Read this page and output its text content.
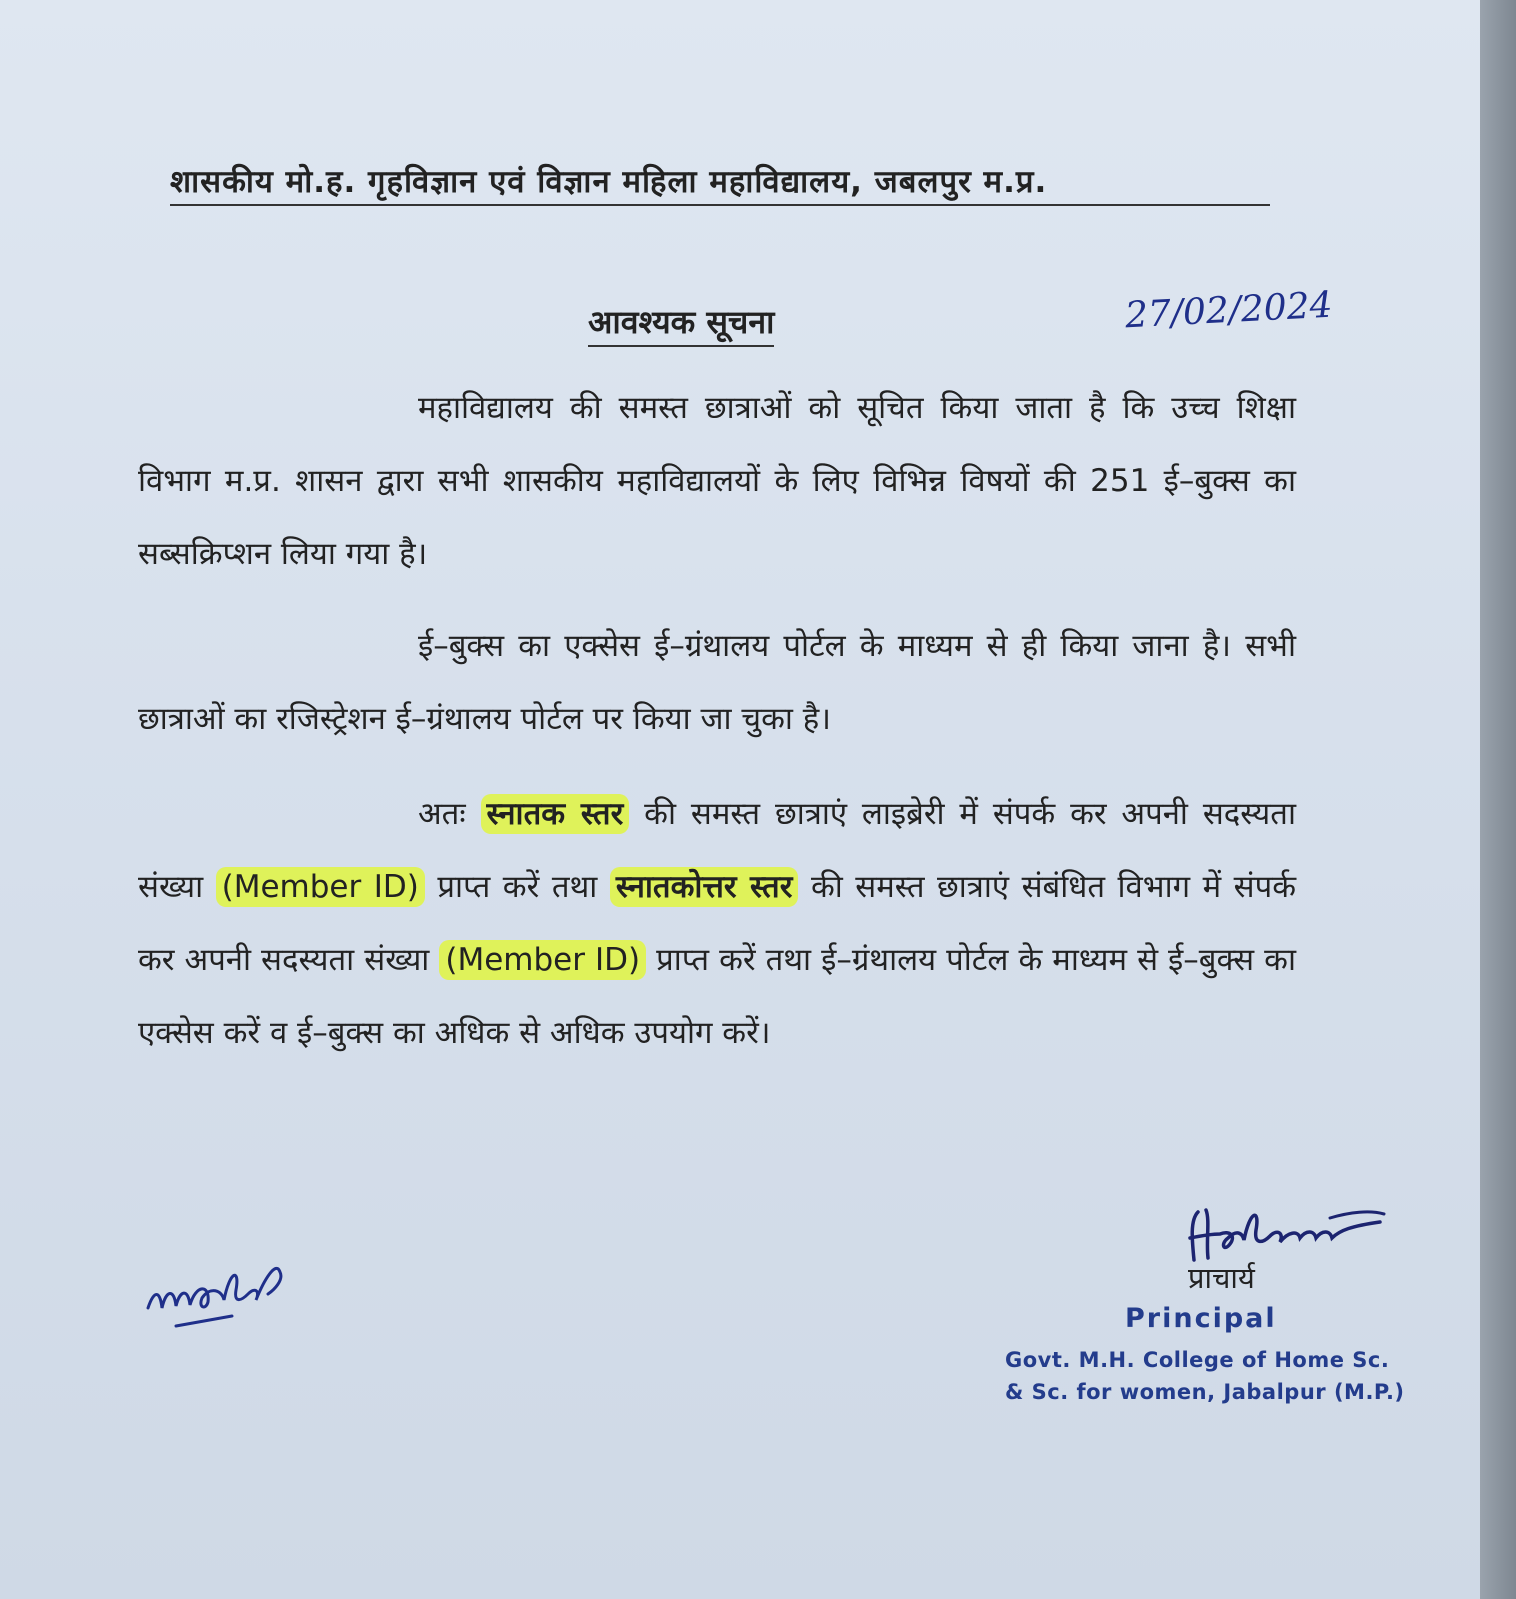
शासकीय मो.ह. गृहविज्ञान एवं विज्ञान महिला महाविद्यालय, जबलपुर म.प्र.
आवश्यक सूचना	27/02/2024
महाविद्यालय की समस्त छात्राओं को सूचित किया जाता है कि उच्च शिक्षा विभाग म.प्र. शासन द्वारा सभी शासकीय महाविद्यालयों के लिए विभिन्न विषयों की 251 ई–बुक्स का सब्सक्रिप्शन लिया गया है।
ई–बुक्स का एक्सेस ई–ग्रंथालय पोर्टल के माध्यम से ही किया जाना है। सभी छात्राओं का रजिस्ट्रेशन ई–ग्रंथालय पोर्टल पर किया जा चुका है।
अतः स्नातक स्तर की समस्त छात्राएं लाइब्रेरी में संपर्क कर अपनी सदस्यता संख्या (Member ID) प्राप्त करें तथा स्नातकोत्तर स्तर की समस्त छात्राएं संबंधित विभाग में संपर्क कर अपनी सदस्यता संख्या (Member ID) प्राप्त करें तथा ई–ग्रंथालय पोर्टल के माध्यम से ई–बुक्स का एक्सेस करें व ई–बुक्स का अधिक से अधिक उपयोग करें।
प्राचार्य
Principal
Govt. M.H. College of Home Sc.
& Sc. for women, Jabalpur (M.P.)
